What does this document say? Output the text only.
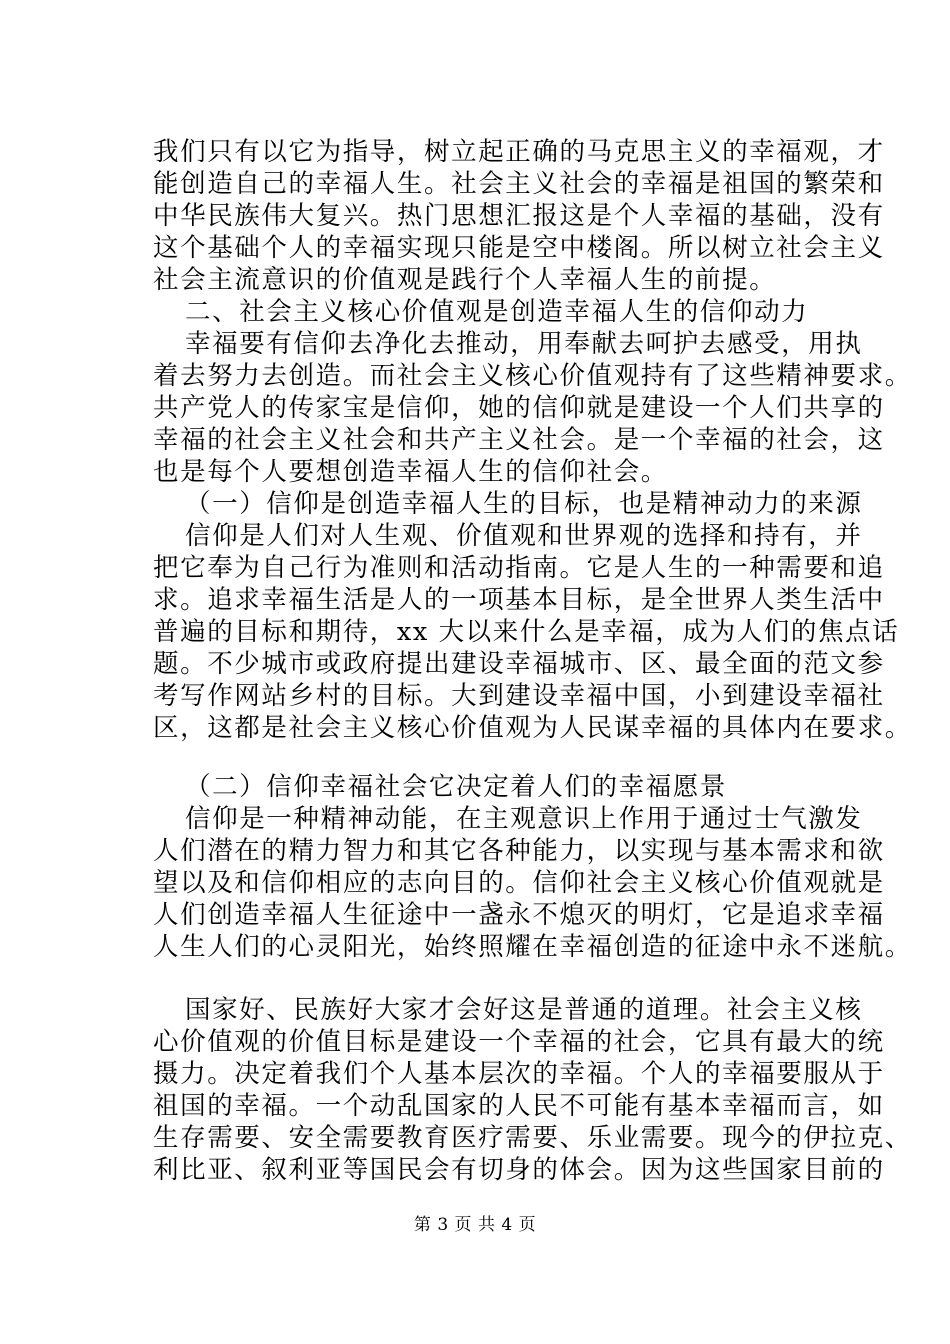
我们只有以它为指导，树立起正确的马克思主义的幸福观，才
能创造自己的幸福人生。社会主义社会的幸福是祖国的繁荣和
中华民族伟大复兴。热门思想汇报这是个人幸福的基础，没有
这个基础个人的幸福实现只能是空中楼阁。所以树立社会主义
社会主流意识的价值观是践行个人幸福人生的前提。
二、社会主义核心价值观是创造幸福人生的信仰动力
幸福要有信仰去净化去推动，用奉献去呵护去感受，用执
着去努力去创造。而社会主义核心价值观持有了这些精神要求。
共产党人的传家宝是信仰，她的信仰就是建设一个人们共享的
幸福的社会主义社会和共产主义社会。是一个幸福的社会，这
也是每个人要想创造幸福人生的信仰社会。
（一）信仰是创造幸福人生的目标，也是精神动力的来源
信仰是人们对人生观、价值观和世界观的选择和持有，并
把它奉为自己行为准则和活动指南。它是人生的一种需要和追
求。追求幸福生活是人的一项基本目标，是全世界人类生活中
普遍的目标和期待，xx 大以来什么是幸福，成为人们的焦点话
题。不少城市或政府提出建设幸福城市、区、最全面的范文参
考写作网站乡村的目标。大到建设幸福中国，小到建设幸福社
区，这都是社会主义核心价值观为人民谋幸福的具体内在要求。
（二）信仰幸福社会它决定着人们的幸福愿景
信仰是一种精神动能，在主观意识上作用于通过士气激发
人们潜在的精力智力和其它各种能力，以实现与基本需求和欲
望以及和信仰相应的志向目的。信仰社会主义核心价值观就是
人们创造幸福人生征途中一盏永不熄灭的明灯，它是追求幸福
人生人们的心灵阳光，始终照耀在幸福创造的征途中永不迷航。
国家好、民族好大家才会好这是普通的道理。社会主义核
心价值观的价值目标是建设一个幸福的社会，它具有最大的统
摄力。决定着我们个人基本层次的幸福。个人的幸福要服从于
祖国的幸福。一个动乱国家的人民不可能有基本幸福而言，如
生存需要、安全需要教育医疗需要、乐业需要。现今的伊拉克、
利比亚、叙利亚等国民会有切身的体会。因为这些国家目前的
第 3 页 共 4 页
